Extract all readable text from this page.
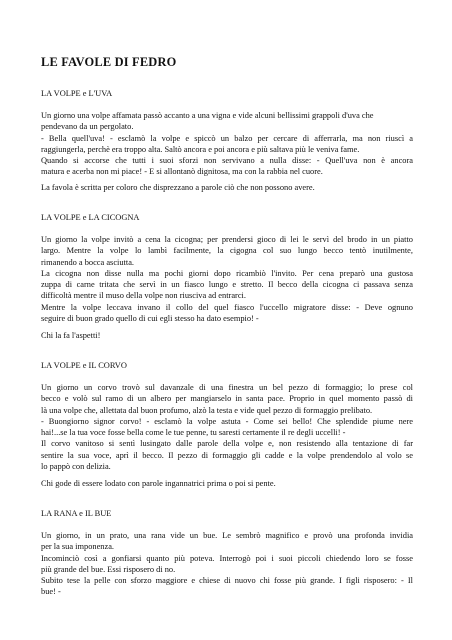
LE FAVOLE DI FEDRO
LA VOLPE e L'UVA

Un giorno una volpe affamata passò accanto a una vigna e vide alcuni bellissimi grappoli d'uva che
pendevano da un pergolato.
- Bella quell'uva! - esclamò la volpe e spiccò un balzo per cercare di afferrarla, ma non riuscì a
raggiungerla, perchè era troppo alta. Saltò ancora e poi ancora e più saltava più le veniva fame.
Quando si accorse che tutti i suoi sforzi non servivano a nulla disse: - Quell'uva non è ancora
matura e acerba non mi piace! - E si allontanò dignitosa, ma con la rabbia nel cuore.

La favola è scritta per coloro che disprezzano a parole ciò che non possono avere.

LA VOLPE e LA CICOGNA

Un giorno la volpe invitò a cena la cicogna; per prendersi gioco di lei le servì del brodo in un piatto
largo. Mentre la volpe lo lambì facilmente, la cigogna col suo lungo becco tentò inutilmente,
rimanendo a bocca asciutta.
La cicogna non disse nulla ma pochi giorni dopo ricambiò l'invito. Per cena preparò una gustosa
zuppa di carne tritata che servì in un fiasco lungo e stretto. Il becco della cicogna ci passava senza
difficoltà mentre il muso della volpe non riusciva ad entrarci.
Mentre la volpe leccava invano il collo del quel fiasco l'uccello migratore disse: - Deve ognuno
seguire di buon grado quello di cui egli stesso ha dato esempio! -

Chi la fa l'aspetti!

LA VOLPE e IL CORVO

Un giorno un corvo trovò sul davanzale di una finestra un bel pezzo di formaggio; lo prese col
becco e volò sul ramo di un albero per mangiarselo in santa pace. Proprio in quel momento passò di
là una volpe che, allettata dal buon profumo, alzò la testa e vide quel pezzo di formaggio prelibato.
- Buongiorno signor corvo! - esclamò la volpe astuta - Come sei bello! Che splendide piume nere
hai!...se la tua voce fosse bella come le tue penne, tu saresti certamente il re degli uccelli! -
Il corvo vanitoso si sentì lusingato dalle parole della volpe e, non resistendo alla tentazione di far
sentire la sua voce, aprì il becco. Il pezzo di formaggio gli cadde e la volpe prendendolo al volo se
lo pappò con delizia.

Chi gode di essere lodato con parole ingannatrici prima o poi si pente.

LA RANA e IL BUE

Un giorno, in un prato, una rana vide un bue. Le sembrò magnifico e provò una profonda invidia
per la sua imponenza.
Incominciò così a gonfiarsi quanto più poteva. Interrogò poi i suoi piccoli chiedendo loro se fosse
più grande del bue. Essi risposero di no.
Subito tese la pelle con sforzo maggiore e chiese di nuovo chi fosse più grande. I figli risposero: - Il
bue! -
